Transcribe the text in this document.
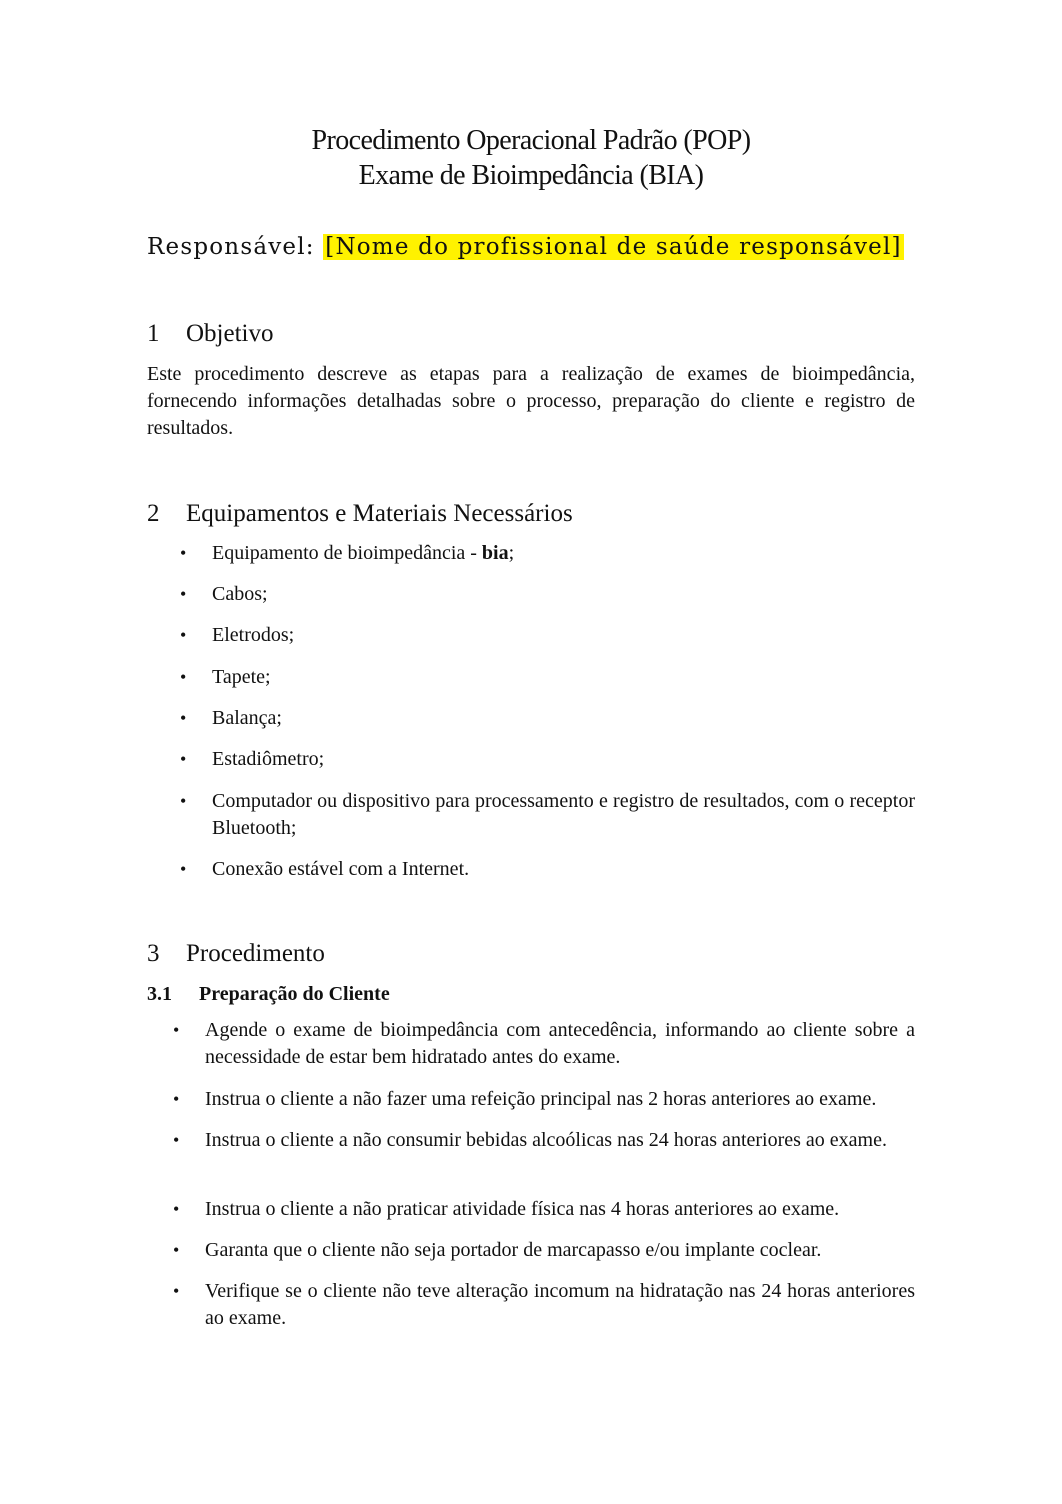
Procedimento Operacional Padrão (POP)
Exame de Bioimpedância (BIA)
Responsável: [Nome do profissional de saúde responsável]
1 Objetivo
Este procedimento descreve as etapas para a realização de exames de bioimpedância, fornecendo informações detalhadas sobre o processo, preparação do cliente e registro de resultados.
2 Equipamentos e Materiais Necessários
• Equipamento de bioimpedância - bia;
• Cabos;
• Eletrodos;
• Tapete;
• Balança;
• Estadiômetro;
• Computador ou dispositivo para processamento e registro de resultados, com o receptor Bluetooth;
• Conexão estável com a Internet.
3 Procedimento
3.1 Preparação do Cliente
• Agende o exame de bioimpedância com antecedência, informando ao cliente sobre a necessidade de estar bem hidratado antes do exame.
• Instrua o cliente a não fazer uma refeição principal nas 2 horas anteriores ao exame.
• Instrua o cliente a não consumir bebidas alcoólicas nas 24 horas anteriores ao exame.
• Instrua o cliente a não praticar atividade física nas 4 horas anteriores ao exame.
• Garanta que o cliente não seja portador de marcapasso e/ou implante coclear.
• Verifique se o cliente não teve alteração incomum na hidratação nas 24 horas anteriores ao exame.
